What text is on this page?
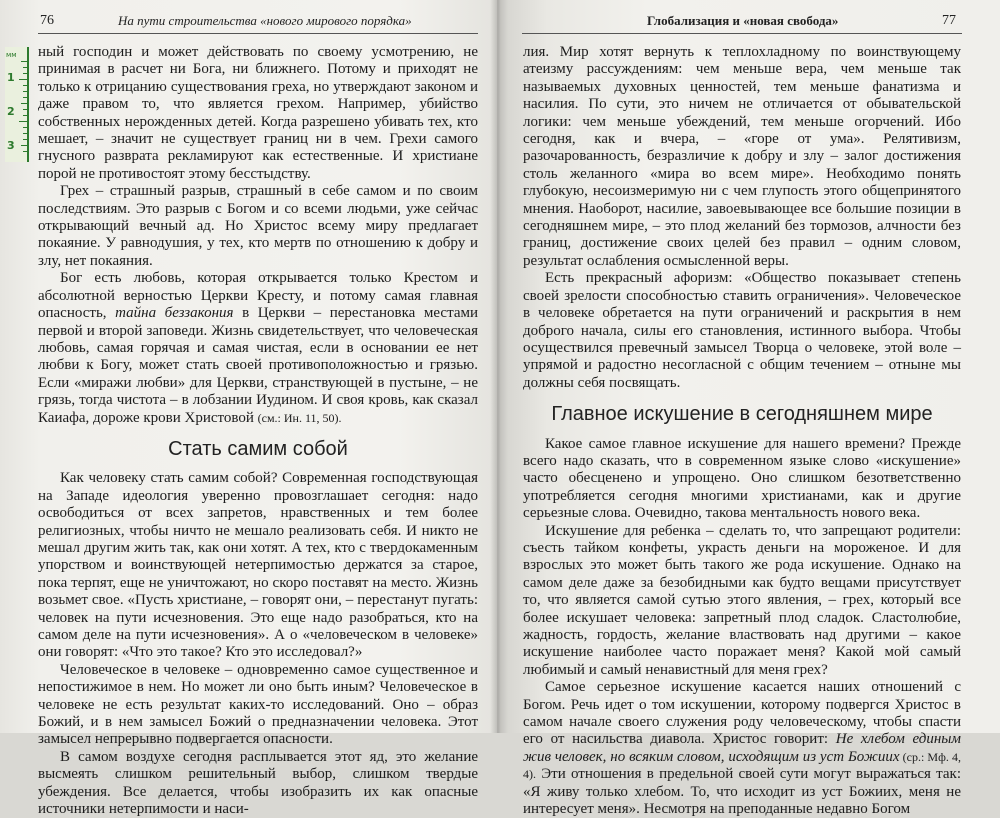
76	На пути строительства «нового мирового порядка»
мм
1
2
3

ный господин и может действовать по своему усмотрению, не принимая в расчет ни Бога, ни ближнего. Потому и приходят не только к отрицанию существования греха, но утверждают законом и даже правом то, что является грехом. Например, убийство собственных нерожденных детей. Когда разрешено убивать тех, кто мешает, – значит не существует границ ни в чем. Грехи самого гнусного разврата рекламируют как естественные. И христиане порой не противостоят этому бесстыдству.

Грех – страшный разрыв, страшный в себе самом и по своим последствиям. Это разрыв с Богом и со всеми людьми, уже сейчас открывающий вечный ад. Но Христос всему миру предлагает покаяние. У равнодушия, у тех, кто мертв по отношению к добру и злу, нет покаяния.

Бог есть любовь, которая открывается только Крестом и абсолютной верностью Церкви Кресту, и потому самая главная опасность, тайна беззакония в Церкви – перестановка местами первой и второй заповеди. Жизнь свидетельствует, что человеческая любовь, самая горячая и самая чистая, если в основании ее нет любви к Богу, может стать своей противоположностью и грязью. Если «миражи любви» для Церкви, странствующей в пустыне, – не грязь, тогда чистота – в лобзании Иудином. И своя кровь, как сказал Каиафа, дороже крови Христовой (см.: Ин. 11, 50).

Стать самим собой

Как человеку стать самим собой? Современная господствующая на Западе идеология уверенно провозглашает сегодня: надо освободиться от всех запретов, нравственных и тем более религиозных, чтобы ничто не мешало реализовать себя. И никто не мешал другим жить так, как они хотят. А тех, кто с твердокаменным упорством и воинствующей нетерпимостью держатся за старое, пока терпят, еще не уничтожают, но скоро поставят на место. Жизнь возьмет свое. «Пусть христиане, – говорят они, – перестанут пугать: человек на пути исчезновения. Это еще надо разобраться, кто на самом деле на пути исчезновения». А о «человеческом в человеке» они говорят: «Что это такое? Кто это исследовал?»

Человеческое в человеке – одновременно самое существенное и непостижимое в нем. Но может ли оно быть иным? Человеческое в человеке не есть результат каких-то исследований. Оно – образ Божий, и в нем замысел Божий о предназначении человека. Этот замысел непрерывно подвергается опасности.

В самом воздухе сегодня расплывается этот яд, это желание высмеять слишком решительный выбор, слишком твердые убеждения. Все делается, чтобы изобразить их как опасные источники нетерпимости и наси-

Глобализация и «новая свобода»	77

лия. Мир хотят вернуть к теплохладному по воинствующему атеизму рассуждениям: чем меньше вера, чем меньше так называемых духовных ценностей, тем меньше фанатизма и насилия. По сути, это ничем не отличается от обывательской логики: чем меньше убеждений, тем меньше огорчений. Ибо сегодня, как и вчера, – «горе от ума». Релятивизм, разочарованность, безразличие к добру и злу – залог достижения столь желанного «мира во всем мире». Необходимо понять глубокую, несоизмеримую ни с чем глупость этого общепринятого мнения. Наоборот, насилие, завоевывающее все большие позиции в сегодняшнем мире, – это плод желаний без тормозов, алчности без границ, достижение своих целей без правил – одним словом, результат ослабления осмысленной веры.

Есть прекрасный афоризм: «Общество показывает степень своей зрелости способностью ставить ограничения». Человеческое в человеке обретается на пути ограничений и раскрытия в нем доброго начала, силы его становления, истинного выбора. Чтобы осуществился превечный замысел Творца о человеке, этой воле – упрямой и радостно несогласной с общим течением – отныне мы должны себя посвящать.

Главное искушение в сегодняшнем мире

Какое самое главное искушение для нашего времени? Прежде всего надо сказать, что в современном языке слово «искушение» часто обесценено и упрощено. Оно слишком безответственно употребляется сегодня многими христианами, как и другие серьезные слова. Очевидно, такова ментальность нового века.

Искушение для ребенка – сделать то, что запрещают родители: съесть тайком конфеты, украсть деньги на мороженое. И для взрослых это может быть такого же рода искушение. Однако на самом деле даже за безобидными как будто вещами присутствует то, что является самой сутью этого явления, – грех, который все более искушает человека: запретный плод сладок. Сластолюбие, жадность, гордость, желание властвовать над другими – какое искушение наиболее часто поражает меня? Какой мой самый любимый и самый ненавистный для меня грех?

Самое серьезное искушение касается наших отношений с Богом. Речь идет о том искушении, которому подвергся Христос в самом начале своего служения роду человеческому, чтобы спасти его от насильства диавола. Христос говорит: Не хлебом единым жив человек, но всяким словом, исходящим из уст Божиих (ср.: Мф. 4, 4). Эти отношения в предельной своей сути могут выражаться так: «Я живу только хлебом. То, что исходит из уст Божиих, меня не интересует меня». Несмотря на преподанные недавно Богом
